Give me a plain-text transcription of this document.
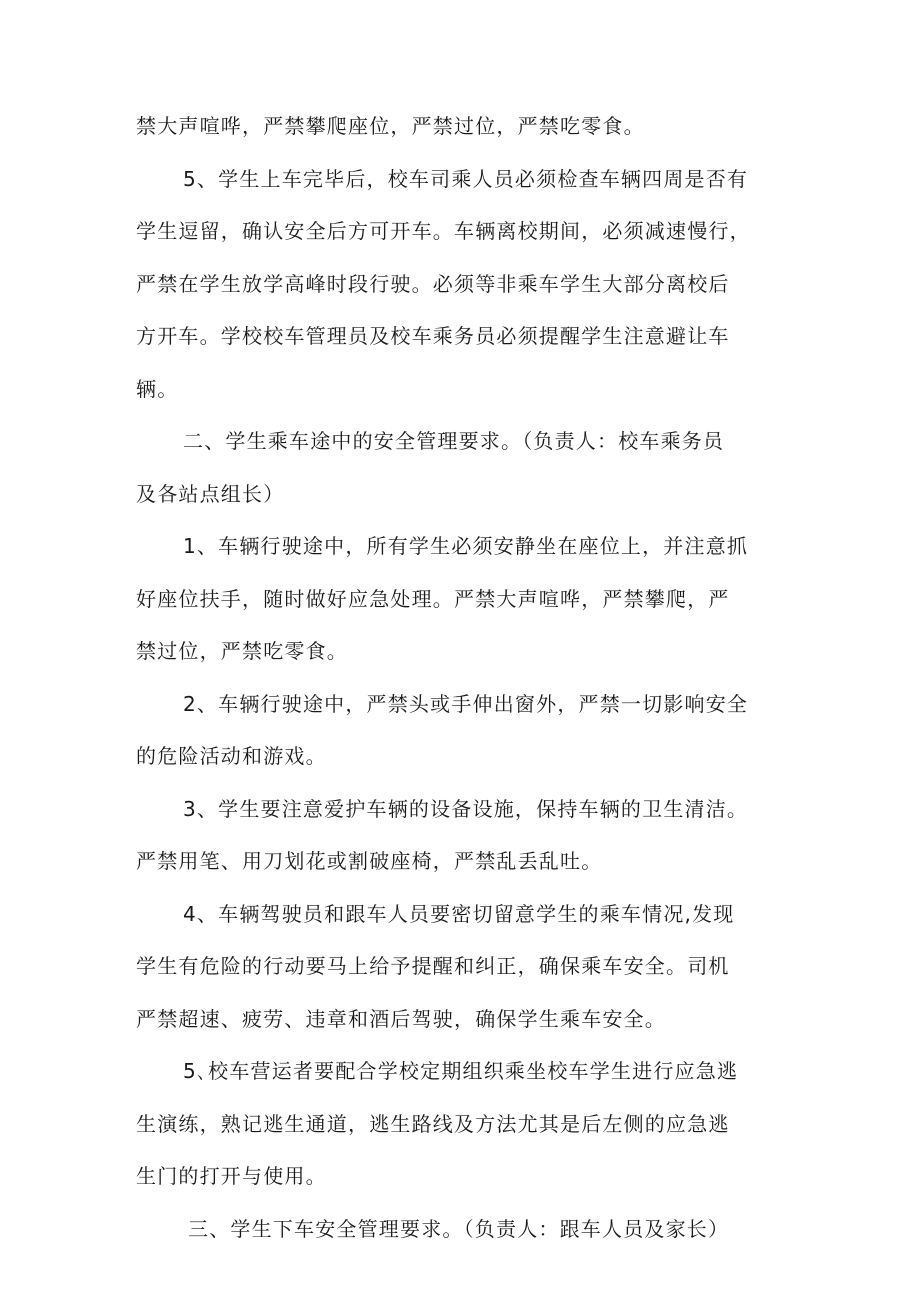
禁大声喧哗，严禁攀爬座位，严禁过位，严禁吃零食。
5、学生上车完毕后，校车司乘人员必须检查车辆四周是否有
学生逗留，确认安全后方可开车。车辆离校期间，必须减速慢行，
严禁在学生放学高峰时段行驶。必须等非乘车学生大部分离校后
方开车。学校校车管理员及校车乘务员必须提醒学生注意避让车
辆。
二、学生乘车途中的安全管理要求。（负责人：校车乘务员
及各站点组长）
1、车辆行驶途中，所有学生必须安静坐在座位上，并注意抓
好座位扶手，随时做好应急处理。严禁大声喧哗，严禁攀爬，严
禁过位，严禁吃零食。
2、车辆行驶途中，严禁头或手伸出窗外，严禁一切影响安全
的危险活动和游戏。
3、学生要注意爱护车辆的设备设施，保持车辆的卫生清洁。
严禁用笔、用刀划花或割破座椅，严禁乱丢乱吐。
4、车辆驾驶员和跟车人员要密切留意学生的乘车情况,发现
学生有危险的行动要马上给予提醒和纠正，确保乘车安全。司机
严禁超速、疲劳、违章和酒后驾驶，确保学生乘车安全。
5､校车营运者要配合学校定期组织乘坐校车学生进行应急逃
生演练，熟记逃生通道，逃生路线及方法尤其是后左侧的应急逃
生门的打开与使用。
三、学生下车安全管理要求。（负责人：跟车人员及家长）
